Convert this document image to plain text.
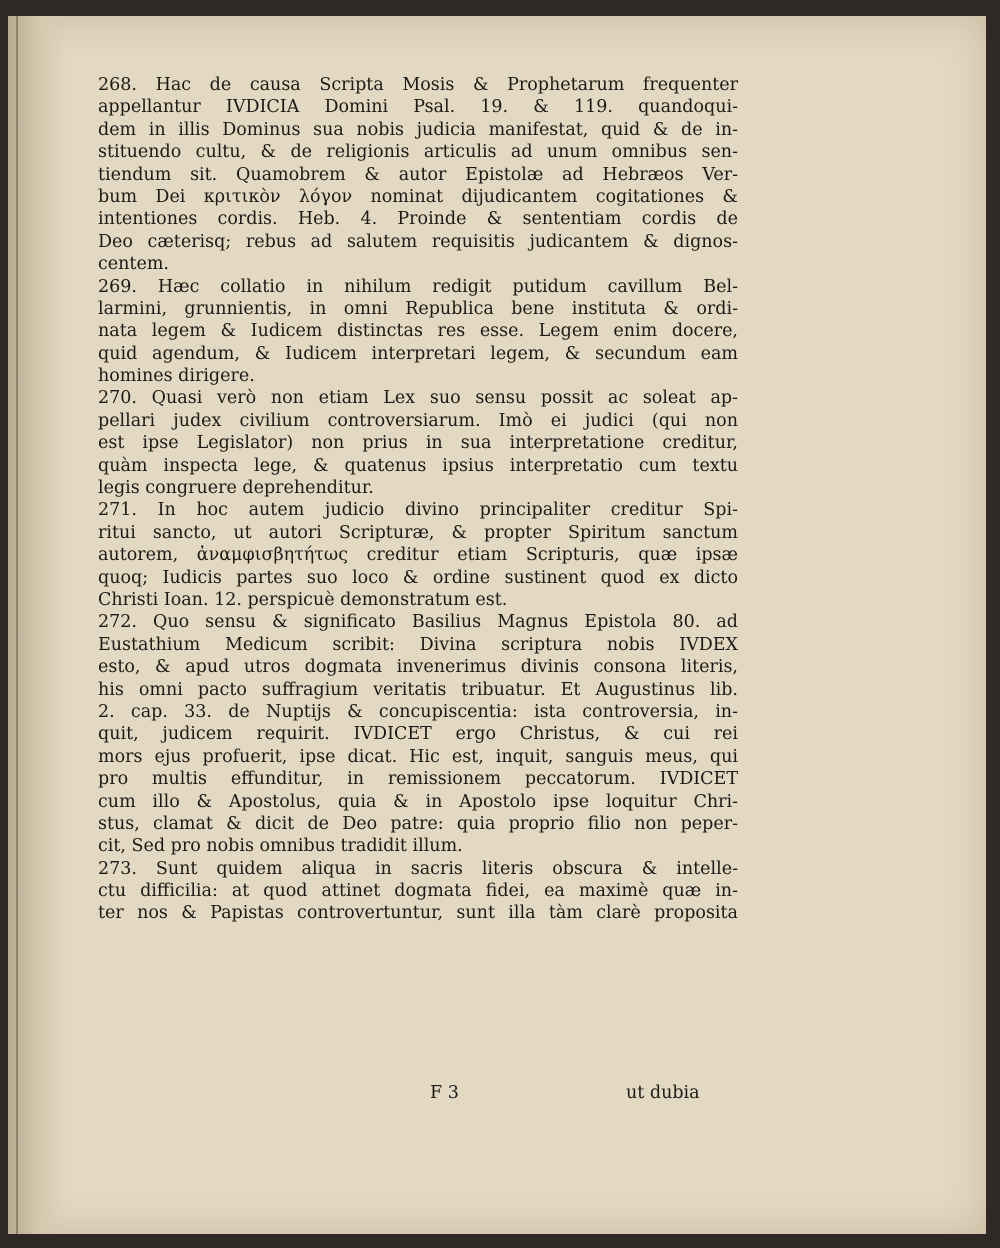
268. Hac de causa Scripta Mosis & Prophetarum frequenter
appellantur IVDICIA Domini Psal. 19. & 119. quandoqui-
dem in illis Dominus sua nobis judicia manifestat, quid & de in-
stituendo cultu, & de religionis articulis ad unum omnibus sen-
tiendum sit. Quamobrem & autor Epistolæ ad Hebræos Ver-
bum Dei κριτικὸν λόγον nominat dijudicantem cogitationes &
intentiones cordis. Heb. 4. Proinde & sententiam cordis de
Deo cæterisq; rebus ad salutem requisitis judicantem & dignos-
centem.
269. Hæc collatio in nihilum redigit putidum cavillum Bel-
larmini, grunnientis, in omni Republica bene instituta & ordi-
nata legem & Iudicem distinctas res esse. Legem enim docere,
quid agendum, & Iudicem interpretari legem, & secundum eam
homines dirigere.
270. Quasi verò non etiam Lex suo sensu possit ac soleat ap-
pellari judex civilium controversiarum. Imò ei judici (qui non
est ipse Legislator) non prius in sua interpretatione creditur,
quàm inspecta lege, & quatenus ipsius interpretatio cum textu
legis congruere deprehenditur.
271. In hoc autem judicio divino principaliter creditur Spi-
ritui sancto, ut autori Scripturæ, & propter Spiritum sanctum
autorem, ἀναμφισβητήτως creditur etiam Scripturis, quæ ipsæ
quoq; Iudicis partes suo loco & ordine sustinent quod ex dicto
Christi Ioan. 12. perspicuè demonstratum est.
272. Quo sensu & significato Basilius Magnus Epistola 80. ad
Eustathium Medicum scribit: Divina scriptura nobis IVDEX
esto, & apud utros dogmata invenerimus divinis consona literis,
his omni pacto suffragium veritatis tribuatur. Et Augustinus lib.
2. cap. 33. de Nuptijs & concupiscentia: ista controversia, in-
quit, judicem requirit. IVDICET ergo Christus, & cui rei
mors ejus profuerit, ipse dicat. Hic est, inquit, sanguis meus, qui
pro multis effunditur, in remissionem peccatorum. IVDICET
cum illo & Apostolus, quia & in Apostolo ipse loquitur Chri-
stus, clamat & dicit de Deo patre: quia proprio filio non peper-
cit, Sed pro nobis omnibus tradidit illum.
273. Sunt quidem aliqua in sacris literis obscura & intelle-
ctu difficilia: at quod attinet dogmata fidei, ea maximè quæ in-
ter nos & Papistas controvertuntur, sunt illa tàm clarè proposita
F 3	ut dubia
